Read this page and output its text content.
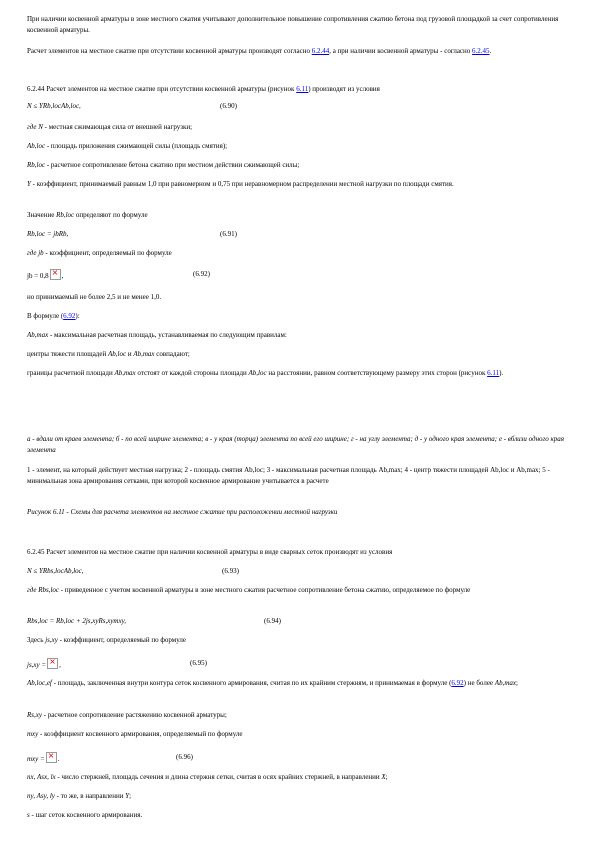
При наличии косвенной арматуры в зоне местного сжатия учитывают дополнительное повышение сопротивления сжатию бетона под грузовой площадкой за счет сопротивления косвенной арматуры.

Расчет элементов на местное сжатие при отсутствии косвенной арматуры производят согласно 6.2.44, а при наличии косвенной арматуры - согласно 6.2.45.

6.2.44 Расчет элементов на местное сжатие при отсутствии косвенной арматуры (рисунок 6.11) производят из условия

N ≤ YRb,locAb,loc,	(6.90)

где N - местная сжимающая сила от внешней нагрузки;

Ab,loc - площадь приложения сжимающей силы (площадь смятия);

Rb,loc - расчетное сопротивление бетона сжатию при местном действии сжимающей силы;

Y - коэффициент, принимаемый равным 1,0 при равномерном и 0,75 при неравномерном распределении местной нагрузки по площади смятия.

Значение Rb,loc определяют по формуле

Rb,loc = jbRb,	(6.91)

где jb - коэффициент, определяемый по формуле

jb = 0,8 × ,	(6.92)

но принимаемый не более 2,5 и не менее 1,0.

В формуле (6.92):

Ab,max - максимальная расчетная площадь, устанавливаемая по следующим правилам:

центры тяжести площадей Ab,loc и Ab,max совпадают;

границы расчетной площади Ab,max отстоят от каждой стороны площади Ab,loc на расстоянии, равном соответствующему размеру этих сторон (рисунок 6.11).

а - вдали от краев элемента; б - по всей ширине элемента; в - у края (торца) элемента по всей его ширине; г - на углу элемента; д - у одного края элемента; е - вблизи одного края элемента

1 - элемент, на который действует местная нагрузка; 2 - площадь смятия Ab,loc; 3 - максимальная расчетная площадь Ab,max; 4 - центр тяжести площадей Ab,loc и Ab,max; 5 - минимальная зона армирования сетками, при которой косвенное армирование учитывается в расчете

Рисунок 6.11 - Схемы для расчета элементов на местное сжатие при расположении местной нагрузки

6.2.45 Расчет элементов на местное сжатие при наличии косвенной арматуры в виде сварных сеток производят из условия

N ≤ YRbs,locAb,loc,	(6.93)

где Rbs,loc - приведенное с учетом косвенной арматуры в зоне местного сжатия расчетное сопротивление бетона сжатию, определяемое по формуле

Rbs,loc = Rb,loc + 2js,xyRs,xymxy,	(6.94)

Здесь js,xy - коэффициент, определяемый по формуле

js,xy = × ,	(6.95)

Ab,loc,ef - площадь, заключенная внутри контура сеток косвенного армирования, считая по их крайним стержням, и принимаемая в формуле (6.92) не более Ab,max;

Rs,xy - расчетное сопротивление растяжению косвенной арматуры;

mxy - коэффициент косвенного армирования, определяемый по формуле

mxy = × .	(6.96)

nx, Asx, lx - число стержней, площадь сечения и длина стержня сетки, считая в осях крайних стержней, в направлении X;

ny, Asy, ly - то же, в направлении Y;

s - шаг сеток косвенного армирования.
